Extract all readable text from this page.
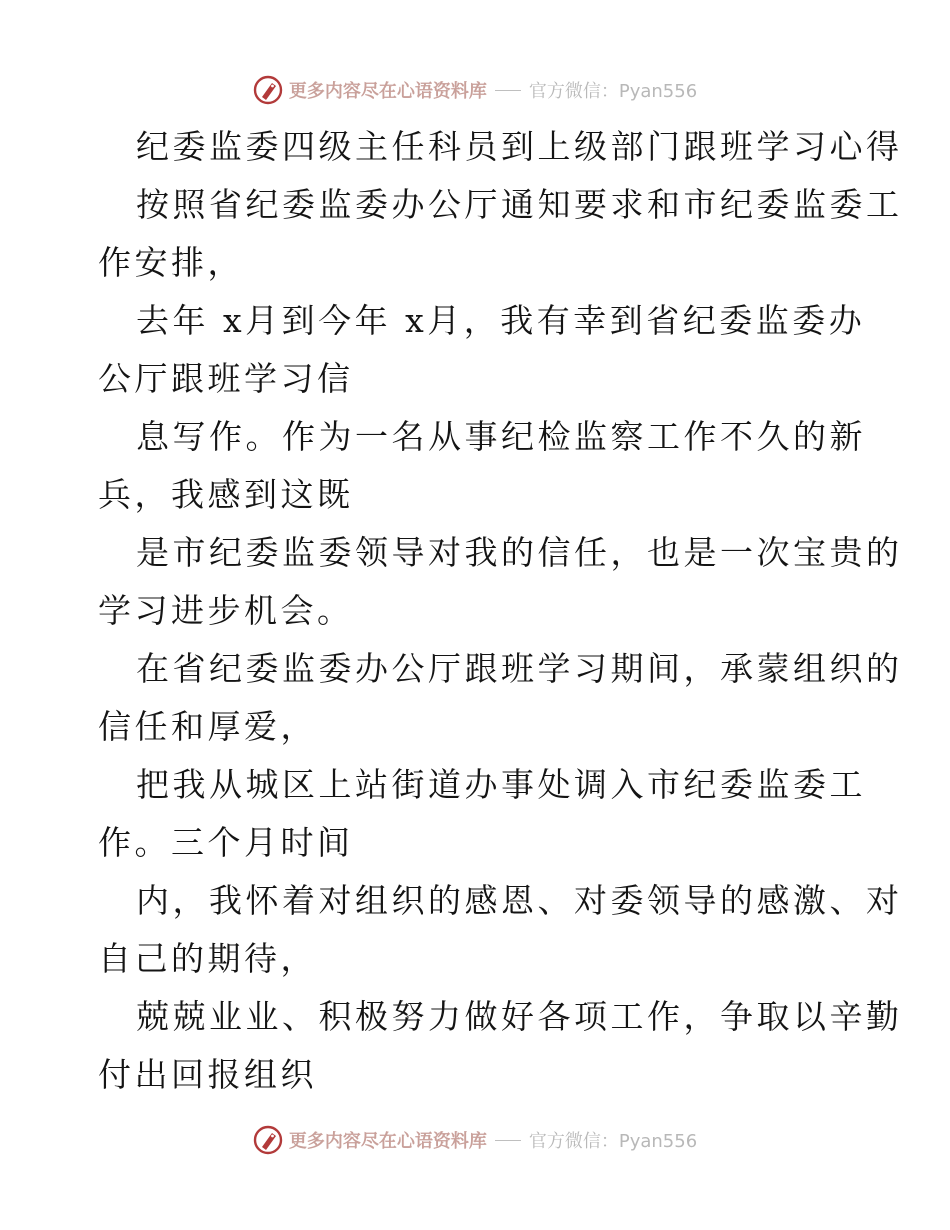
更多内容尽在心语资料库 官方微信：Pyan556
纪委监委四级主任科员到上级部门跟班学习心得
按照省纪委监委办公厅通知要求和市纪委监委工
作安排，
去年 x月到今年 x月，我有幸到省纪委监委办
公厅跟班学习信
息写作。作为一名从事纪检监察工作不久的新
兵，我感到这既
是市纪委监委领导对我的信任，也是一次宝贵的
学习进步机会。
在省纪委监委办公厅跟班学习期间，承蒙组织的
信任和厚爱，
把我从城区上站街道办事处调入市纪委监委工
作。三个月时间
内，我怀着对组织的感恩、对委领导的感激、对
自己的期待，
兢兢业业、积极努力做好各项工作，争取以辛勤
付出回报组织
更多内容尽在心语资料库 官方微信：Pyan556
